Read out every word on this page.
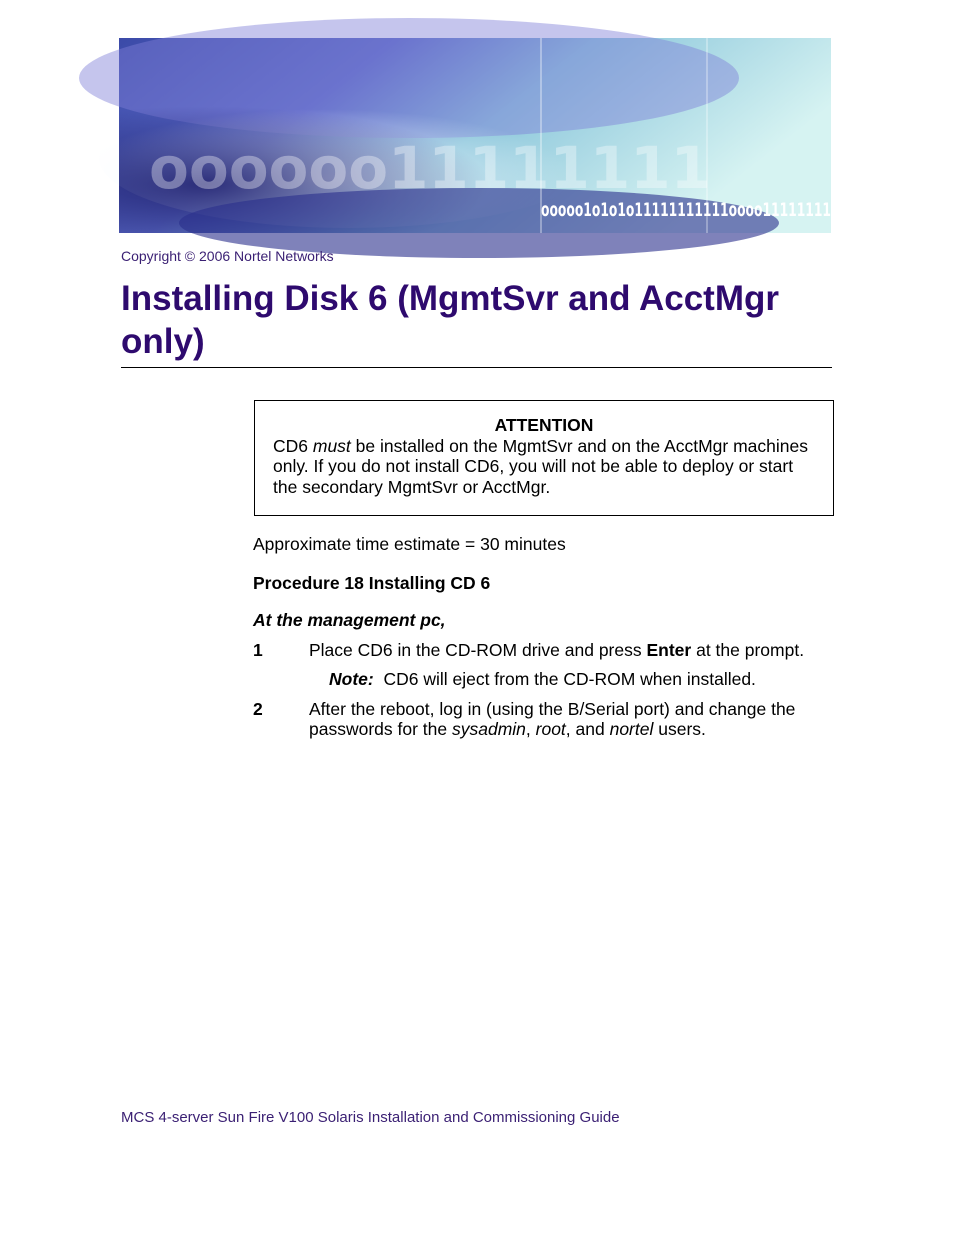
oooooo11111111
ooooo1o1o1o11111111111oooo11111111
Copyright © 2006 Nortel Networks
Installing Disk 6 (MgmtSvr and AcctMgr
only)
ATTENTION
CD6 must be installed on the MgmtSvr and on the AcctMgr machines only. If you do not install CD6, you will not be able to deploy or start the secondary MgmtSvr or AcctMgr.
Approximate time estimate = 30 minutes
Procedure 18 Installing CD 6
At the management pc,
1	Place CD6 in the CD-ROM drive and press Enter at the prompt.
Note:  CD6 will eject from the CD-ROM when installed.
2	After the reboot, log in (using the B/Serial port) and change the passwords for the sysadmin, root, and nortel users.
MCS 4-server Sun Fire V100 Solaris Installation and Commissioning Guide
